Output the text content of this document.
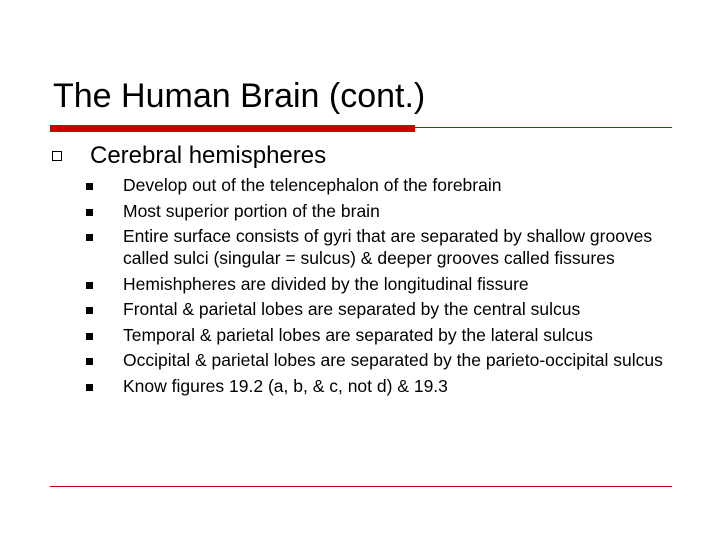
The Human Brain (cont.)
Cerebral hemispheres
Develop out of the telencephalon of the forebrain
Most superior portion of the brain
Entire surface consists of gyri that are separated by shallow grooves called sulci (singular = sulcus) & deeper grooves called fissures
Hemishpheres are divided by the longitudinal fissure
Frontal & parietal lobes are separated by the central sulcus
Temporal & parietal lobes are separated by the lateral sulcus
Occipital & parietal lobes are separated by the parieto-occipital sulcus
Know figures 19.2 (a, b, & c, not d) & 19.3
